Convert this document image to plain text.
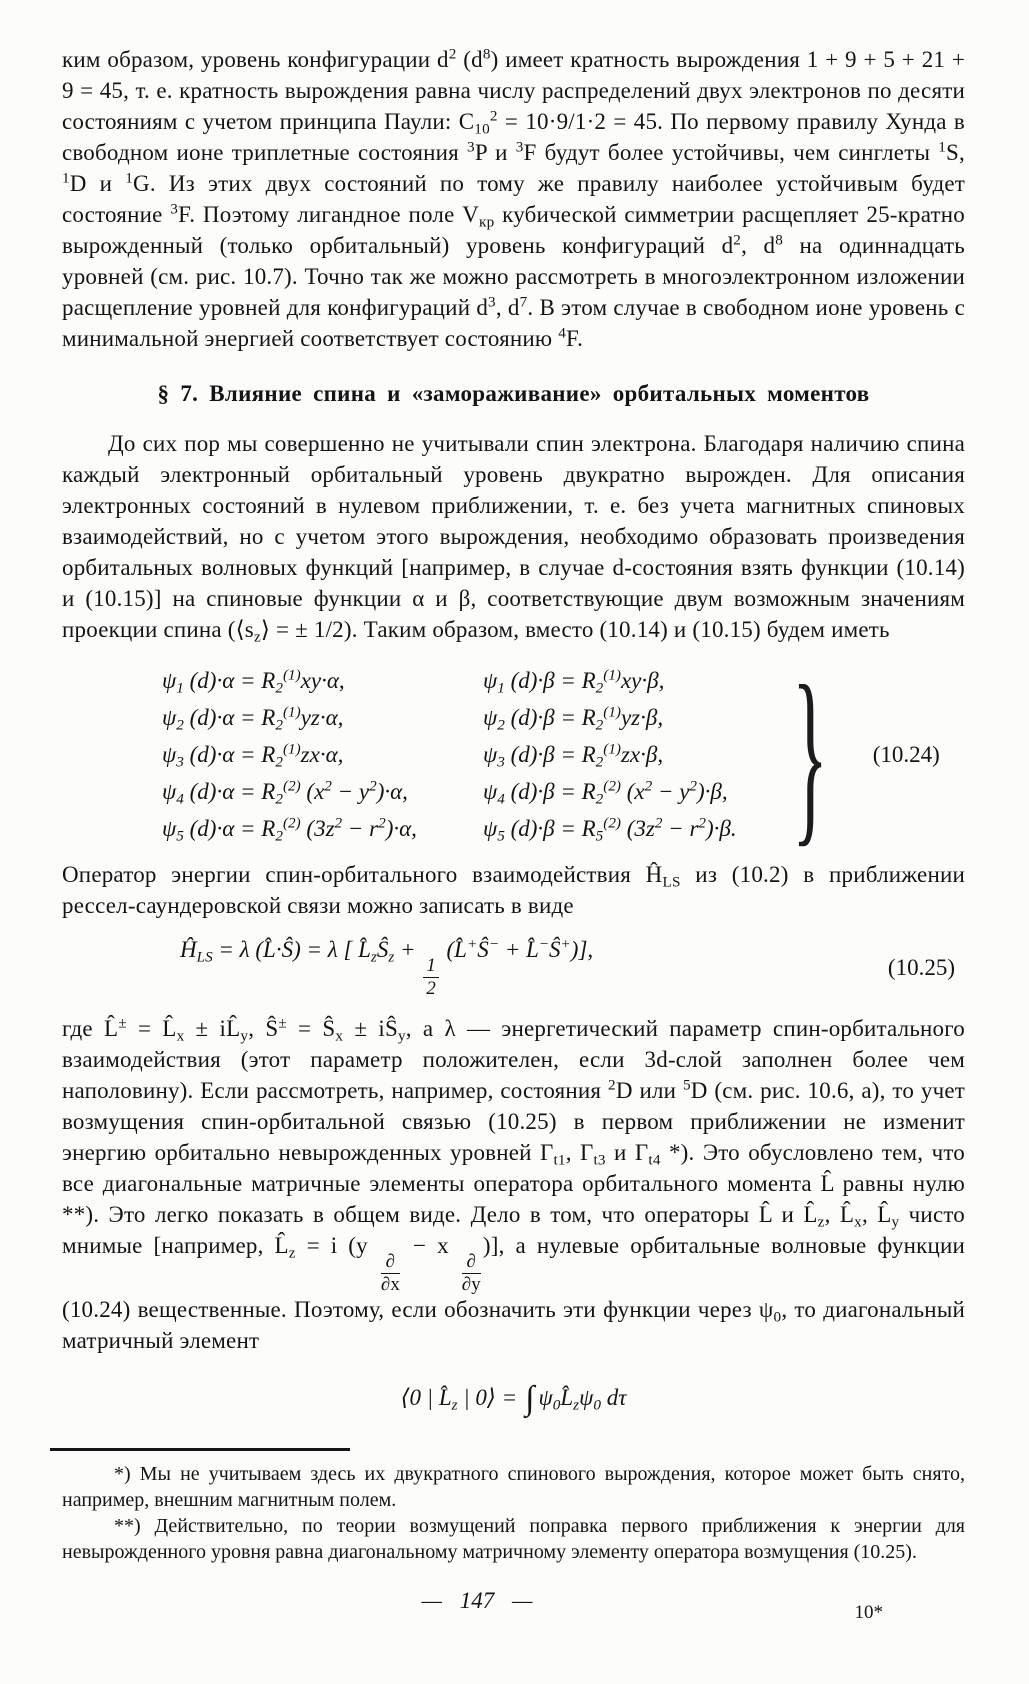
ким образом, уровень конфигурации $d^2$ $(d^8)$ имеет кратность вырождения 1 + 9 + 5 + 21 + 9 = 45, т. е. кратность вырождения равна числу распределений двух электронов по десяти состояниям с учетом принципа Паули: $C_{10}^2 = 10\cdot 9/1\cdot 2 = 45$. По первому правилу Хунда в свободном ионе триплетные состояния $^3$P и $^3$F будут более устойчивы, чем синглеты $^1$S, $^1$D и $^1$G. Из этих двух состояний по тому же правилу наиболее устойчивым будет состояние $^3$F. Поэтому лигандное поле $V_{кр}$ кубической симметрии расщепляет 25-кратно вырожденный (только орбитальный) уровень конфигураций $d^2$, $d^8$ на одиннадцать уровней (см. рис. 10.7). Точно так же можно рассмотреть в многоэлектронном изложении расщепление уровней для конфигураций $d^3$, $d^7$. В этом случае в свободном ионе уровень с минимальной энергией соответствует состоянию $^4$F.

§ 7. Влияние спина и «замораживание» орбитальных моментов

До сих пор мы совершенно не учитывали спин электрона. Благодаря наличию спина каждый электронный орбитальный уровень двукратно вырожден. Для описания электронных состояний в нулевом приближении, т. е. без учета магнитных спиновых взаимодействий, но с учетом этого вырождения, необходимо образовать произведения орбитальных волновых функций [например, в случае d-состояния взять функции (10.14) и (10.15)] на спиновые функции α и β, соответствующие двум возможным значениям проекции спина ($⟨s_z⟩$ = ± 1/2). Таким образом, вместо (10.14) и (10.15) будем иметь

$\psi_1$ $(d)\cdot\alpha = R_2^{(1)}xy\cdot\alpha$,
$\psi_2$ $(d)\cdot\alpha = R_2^{(1)}yz\cdot\alpha$,
$\psi_3$ $(d)\cdot\alpha = R_2^{(1)}zx\cdot\alpha$,
$\psi_4$ $(d)\cdot\alpha = R_2^{(2)}$ $(x^2 - y^2)\cdot\alpha$,
$\psi_5$ $(d)\cdot\alpha = R_2^{(2)}$ $(3z^2 - r^2)\cdot\alpha$,
$\psi_1$ $(d)\cdot\beta = R_2^{(1)}xy\cdot\beta$,
$\psi_2$ $(d)\cdot\beta = R_2^{(1)}yz\cdot\beta$,
$\psi_3$ $(d)\cdot\beta = R_2^{(1)}zx\cdot\beta$,
$\psi_4$ $(d)\cdot\beta = R_2^{(2)}$ $(x^2 - y^2)\cdot\beta$,
$\psi_5$ $(d)\cdot\beta = R_5^{(2)}$ $(3z^2 - r^2)\cdot\beta$. } (10.24)

Оператор энергии спин-орбитального взаимодействия $Ĥ_{LS}$ из (10.2) в приближении рессел-саундеровской связи можно записать в виде

$Ĥ_{LS} = \lambda$ (L̂·Ŝ) = λ [ $L̂_zŜ_z$ +
$\frac{1}{2}$
(L̂+Ŝ− + L̂−Ŝ+)],
(10.25)

где L̂± = $L̂_x$ ± $iL̂_y$, Ŝ± = $Ŝ_x$ ± $iŜ_y$, а λ — энергетический параметр спин-орбитального взаимодействия (этот параметр положителен, если 3d-слой заполнен более чем наполовину). Если рассмотреть, например, состояния $^2$D или $^5$D (см. рис. 10.6, а), то учет возмущения спин-орбитальной связью (10.25) в первом приближении не изменит энергию орбитально невырожденных уровней $\Gamma_{t1}$, $\Gamma_{t3}$ и $\Gamma_{t4}$ *). Это обусловлено тем, что все диагональные матричные элементы оператора орбитального момента L̂ равны нулю **). Это легко показать в общем виде. Дело в том, что операторы L̂ и $L̂_z$, $L̂_x$, $L̂_y$ чисто мнимые [например, $L̂_z = i$ (y
$\frac{\partial}{\partial x}$
− x
$\frac{\partial}{\partial y}$
)], а нулевые орбитальные волновые функции (10.24) вещественные. Поэтому, если обозначить эти функции через $\psi_0$, то диагональный матричный элемент

⟨0 | $L̂_z$ | 0⟩ = ∫ $\psi_0L̂_z\psi_0$ dτ

*) Мы не учитываем здесь их двукратного спинового вырождения, которое может быть снято, например, внешним магнитным полем.

**) Действительно, по теории возмущений поправка первого приближения к энергии для невырожденного уровня равна диагональному матричному элементу оператора возмущения (10.25).

— 147 —	10*
